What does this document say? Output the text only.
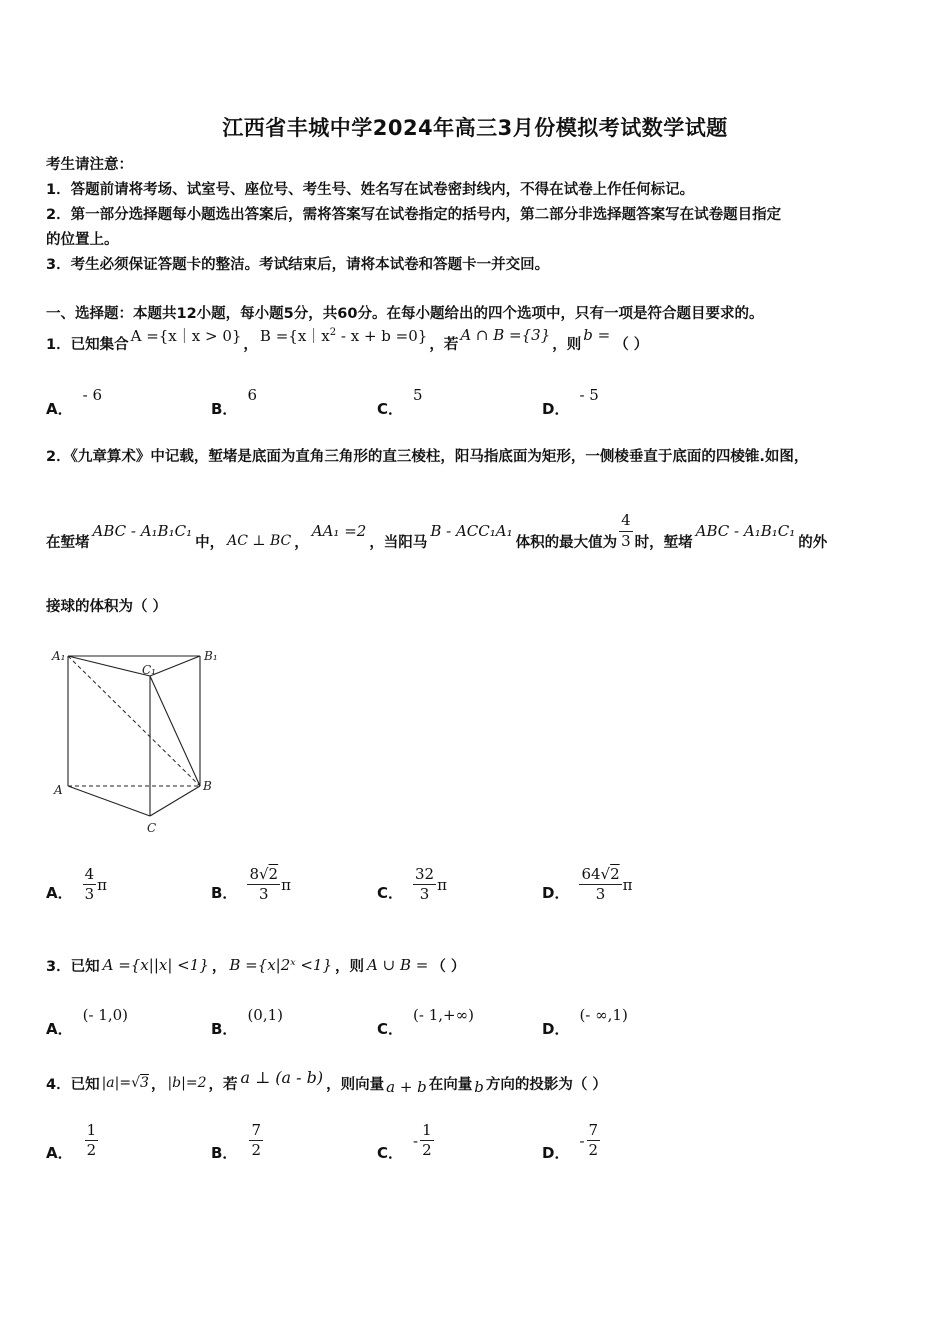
江西省丰城中学2024年高三3月份模拟考试数学试题
考生请注意：
1．答题前请将考场、试室号、座位号、考生号、姓名写在试卷密封线内，不得在试卷上作任何标记。
2．第一部分选择题每小题选出答案后，需将答案写在试卷指定的括号内，第二部分非选择题答案写在试卷题目指定
的位置上。
3．考生必须保证答题卡的整洁。考试结束后，请将本试卷和答题卡一并交回。
一、选择题：本题共12小题，每小题5分，共60分。在每小题给出的四个选项中，只有一项是符合题目要求的。
1．已知集合 A ={x｜x > 0} ， $B =\{x|x^2 - x + b =0\}$ ，若
A ∩ B ={3}
，则
b =
（ ）
A．- 6
B．6
C．5
D．- 5
2．《九章算术》中记载，堑堵是底面为直角三角形的直三棱柱，阳马指底面为矩形，一侧棱垂直于底面的四棱锥.如图，
在堑堵
ABC - A₁B₁C₁
中， AC ⊥ BC ，
AA₁ =2
，当阳马
B - ACC₁A₁
体积的最大值为 $\frac{4}{3}$ 时，堑堵
ABC - A₁B₁C₁
的外
接球的体积为（ ）
A₁	B₁
C₁
A	B
C
A． $\frac{4}{3}$ π	B． $\frac{8√2}{3}$ π	C． $\frac{32}{3}$ π	D． $\frac{64√2}{3}$ π
3．已知 A ={x||x| <1} ， B ={x|2ˣ <1} ，则 A ∪ B = （ ）
A．(- 1,0)
B．(0,1)
C．(- 1,+∞)
D．(- ∞,1)
4．已知 |a|=√3 ， |b|=2 ，若 a ⊥ (a - b) ，则向量 a + b 在向量 b 方向的投影为（ ）
A． $\frac{1}{2}$	B． $\frac{7}{2}$	C．
- $\frac{1}{2}$	D．
- $\frac{7}{2}$
